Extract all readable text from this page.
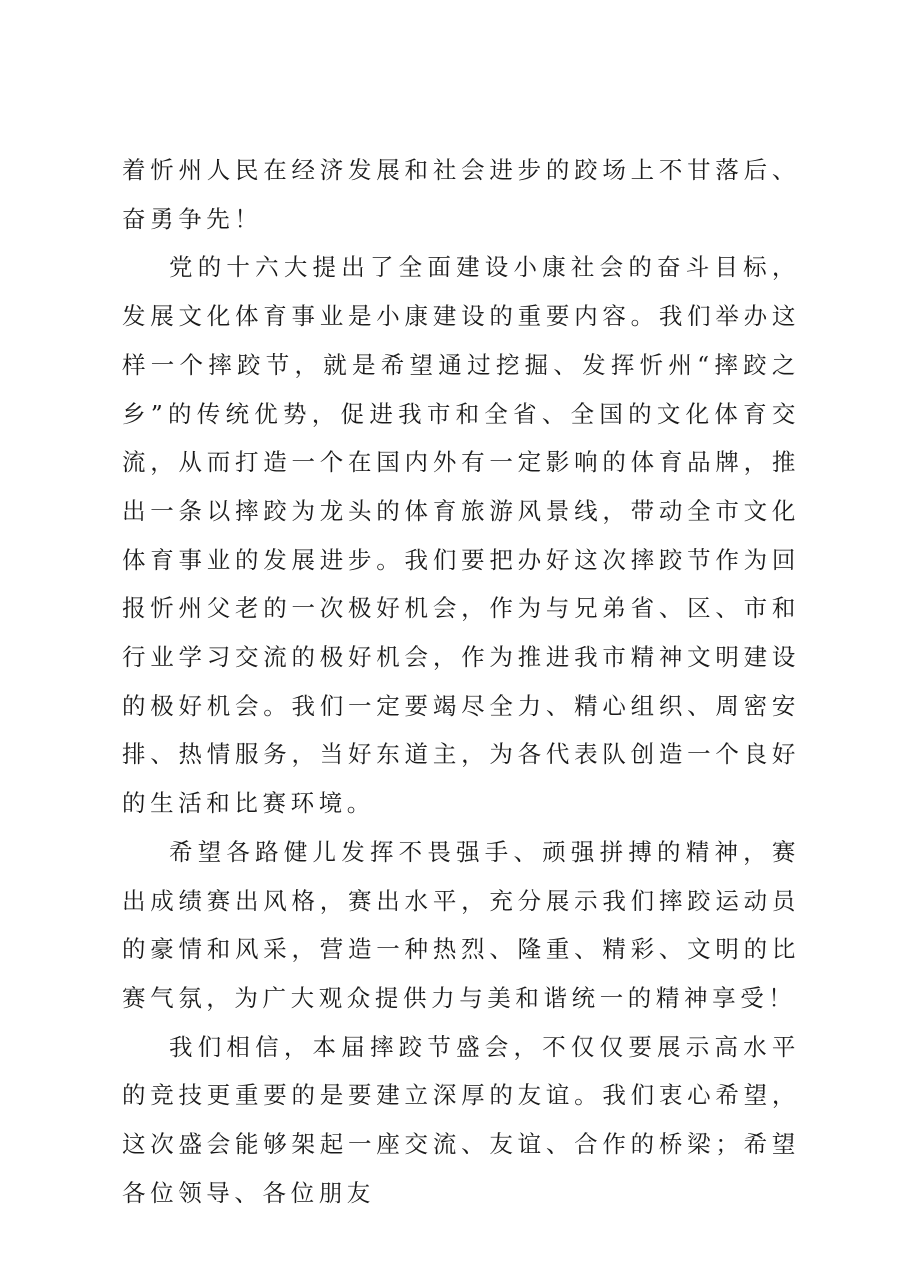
着忻州人民在经济发展和社会进步的跤场上不甘落后、奋勇争先！

党的十六大提出了全面建设小康社会的奋斗目标，发展文化体育事业是小康建设的重要内容。我们举办这样一个摔跤节，就是希望通过挖掘、发挥忻州“摔跤之乡”的传统优势，促进我市和全省、全国的文化体育交流，从而打造一个在国内外有一定影响的体育品牌，推出一条以摔跤为龙头的体育旅游风景线，带动全市文化体育事业的发展进步。我们要把办好这次摔跤节作为回报忻州父老的一次极好机会，作为与兄弟省、区、市和行业学习交流的极好机会，作为推进我市精神文明建设的极好机会。我们一定要竭尽全力、精心组织、周密安排、热情服务，当好东道主，为各代表队创造一个良好的生活和比赛环境。

希望各路健儿发挥不畏强手、顽强拼搏的精神，赛出成绩赛出风格，赛出水平，充分展示我们摔跤运动员的豪情和风采，营造一种热烈、隆重、精彩、文明的比赛气氛，为广大观众提供力与美和谐统一的精神享受！

我们相信，本届摔跤节盛会，不仅仅要展示高水平的竞技更重要的是要建立深厚的友谊。我们衷心希望，这次盛会能够架起一座交流、友谊、合作的桥梁；希望各位领导、各位朋友
